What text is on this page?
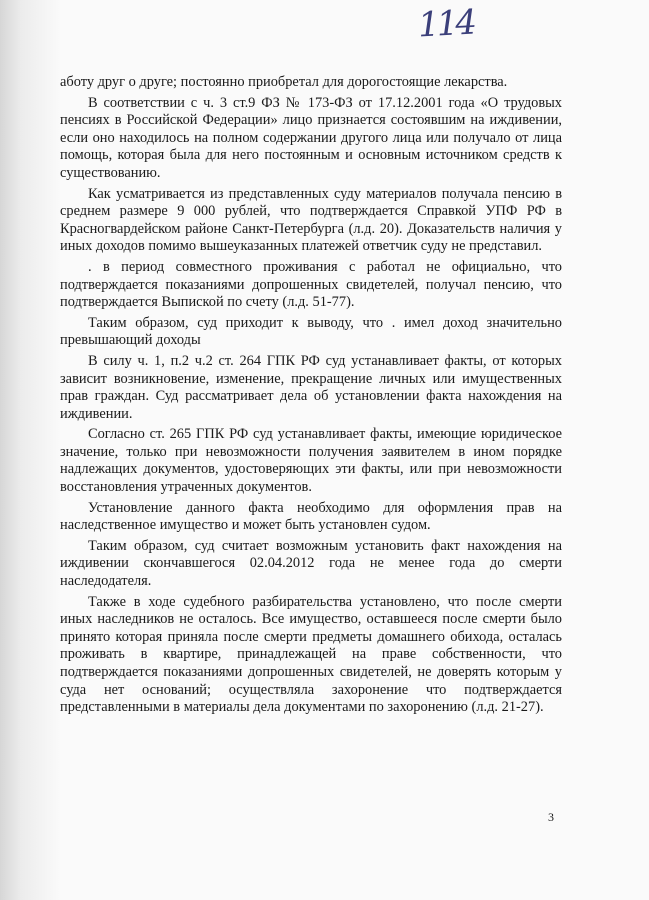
114

аботу друг о друге; постоянно приобретал для дорогостоящие лекарства.

В соответствии с ч. 3 ст.9 ФЗ № 173-ФЗ от 17.12.2001 года «О трудовых пенсиях в Российской Федерации» лицо признается состоявшим на иждивении, если оно находилось на полном содержании другого лица или получало от лица помощь, которая была для него постоянным и основным источником средств к существованию.

Как усматривается из представленных суду материалов получала пенсию в среднем размере 9 000 рублей, что подтверждается Справкой УПФ РФ в Красногвардейском районе Санкт-Петербурга (л.д. 20). Доказательств наличия у иных доходов помимо вышеуказанных платежей ответчик суду не представил.

. в период совместного проживания с работал не официально, что подтверждается показаниями допрошенных свидетелей, получал пенсию, что подтверждается Выпиской по счету (л.д. 51-77).

Таким образом, суд приходит к выводу, что . имел доход значительно превышающий доходы

В силу ч. 1, п.2 ч.2 ст. 264 ГПК РФ суд устанавливает факты, от которых зависит возникновение, изменение, прекращение личных или имущественных прав граждан. Суд рассматривает дела об установлении факта нахождения на иждивении.

Согласно ст. 265 ГПК РФ суд устанавливает факты, имеющие юридическое значение, только при невозможности получения заявителем в ином порядке надлежащих документов, удостоверяющих эти факты, или при невозможности восстановления утраченных документов.

Установление данного факта необходимо для оформления прав на наследственное имущество и может быть установлен судом.

Таким образом, суд считает возможным установить факт нахождения на иждивении скончавшегося 02.04.2012 года не менее года до смерти наследодателя.

Также в ходе судебного разбирательства установлено, что после смерти иных наследников не осталось. Все имущество, оставшееся после смерти было принято которая приняла после смерти предметы домашнего обихода, осталась проживать в квартире, принадлежащей на праве собственности, что подтверждается показаниями допрошенных свидетелей, не доверять которым у суда нет оснований; осуществляла захоронение что подтверждается представленными в материалы дела документами по захоронению (л.д. 21-27).

3
